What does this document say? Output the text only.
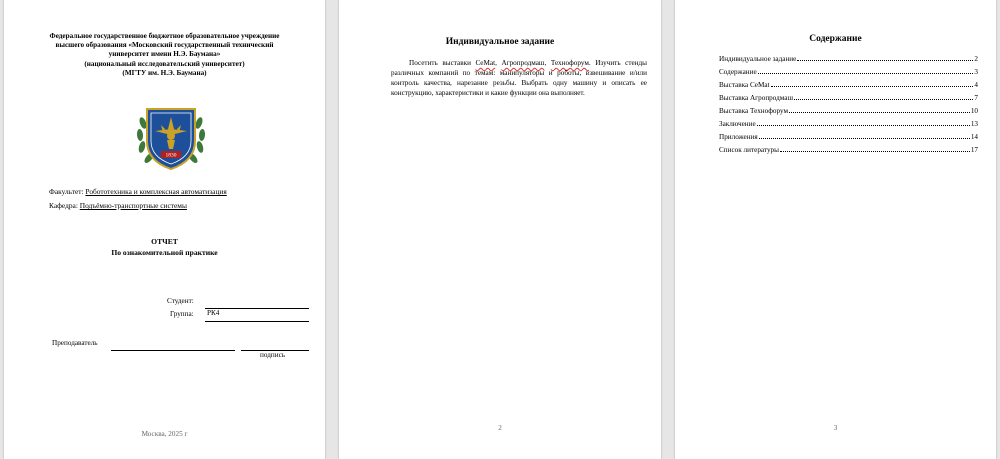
Федеральное государственное бюджетное образовательное учреждение
высшего образования «Московский государственный технический
университет имени Н.Э. Баумана»
(национальный исследовательский университет)
(МГТУ им. Н.Э. Баумана)
1830
Факультет: Робототехника и комплексная автоматизация
Кафедра: Подъёмно-транспортные системы
ОТЧЕТ
По ознакомительной практике
Студент:
Группа: РК4
Преподаватель
подпись
Москва, 2025 г
Индивидуальное задание
Посетить выставки CeMat, Агропродмаш, Технофорум. Изучить стенды различных компаний по темам: манипуляторы и роботы, взвешивание и/или контроль качества, нарезание резьбы. Выбрать одну машину и описать ее конструкцию, характеристики и какие функции она выполняет.
2
Содержание
Индивидуальное задание	2
Содержание	3
Выставка CeMat	4
Выставка Агропродмаш	7
Выставка Технофорум	10
Заключение	13
Приложения	14
Список литературы	17
3
